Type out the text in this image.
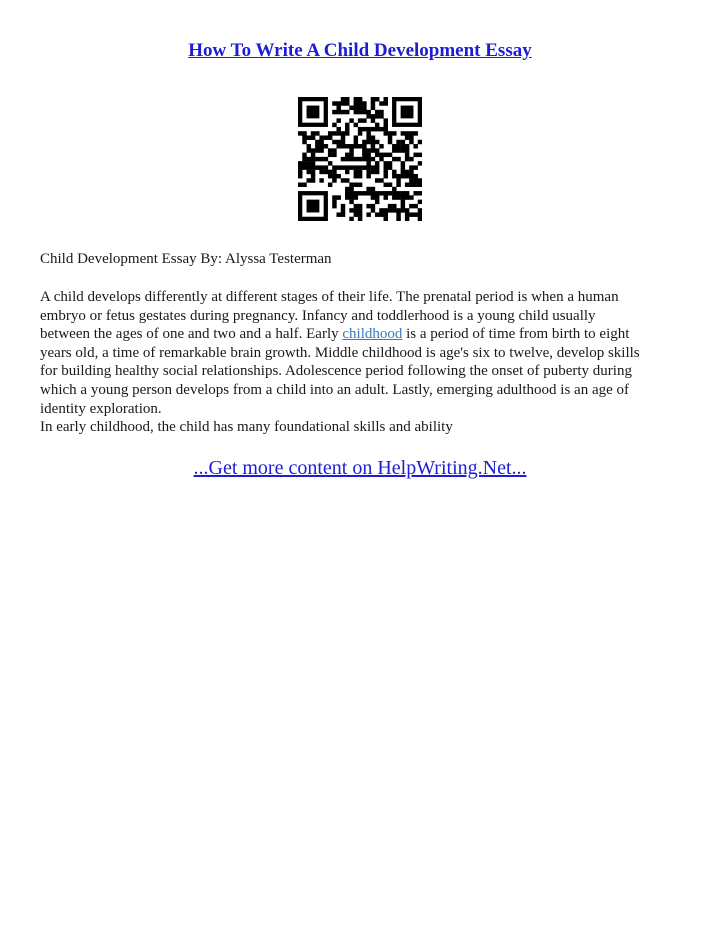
How To Write A Child Development Essay
Child Development Essay By: Alyssa Testerman
A child develops differently at different stages of their life. The prenatal period is when a human
embryo or fetus gestates during pregnancy. Infancy and toddlerhood is a young child usually
between the ages of one and two and a half. Early childhood is a period of time from birth to eight
years old, a time of remarkable brain growth. Middle childhood is age's six to twelve, develop skills
for building healthy social relationships. Adolescence period following the onset of puberty during
which a young person develops from a child into an adult. Lastly, emerging adulthood is an age of
identity exploration.
In early childhood, the child has many foundational skills and ability
...Get more content on HelpWriting.Net...
